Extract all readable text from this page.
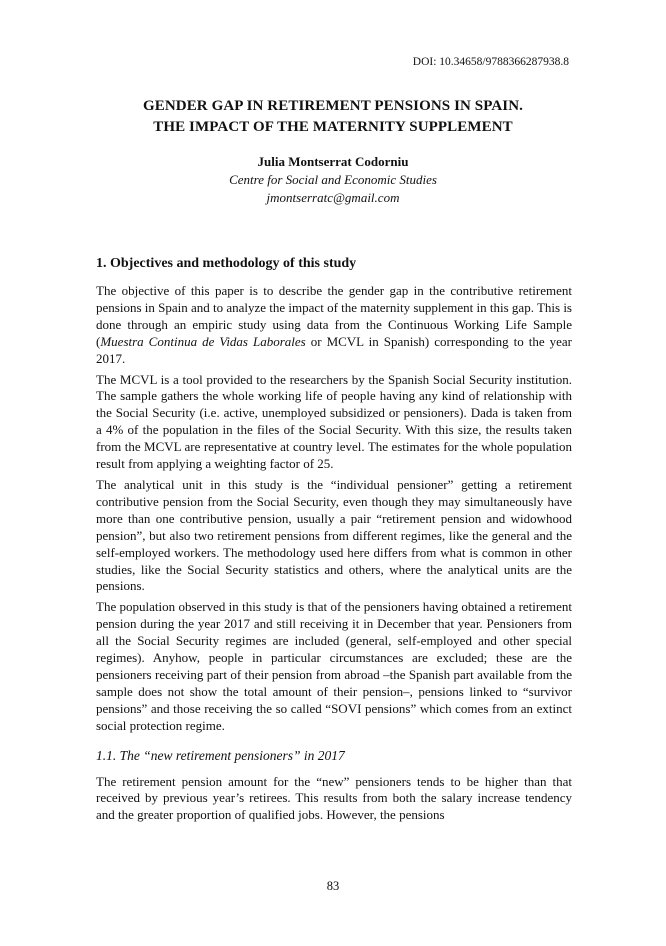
DOI: 10.34658/9788366287938.8
GENDER GAP IN RETIREMENT PENSIONS IN SPAIN.
THE IMPACT OF THE MATERNITY SUPPLEMENT
Julia Montserrat Codorniu
Centre for Social and Economic Studies
jmontserratc@gmail.com
1. Objectives and methodology of this study

The objective of this paper is to describe the gender gap in the contributive retirement pensions in Spain and to analyze the impact of the maternity supplement in this gap. This is done through an empiric study using data from the Continuous Working Life Sample (Muestra Continua de Vidas Laborales or MCVL in Spanish) corresponding to the year 2017.

The MCVL is a tool provided to the researchers by the Spanish Social Security institution. The sample gathers the whole working life of people having any kind of relationship with the Social Security (i.e. active, unemployed subsidized or pensioners). Dada is taken from a 4% of the population in the files of the Social Security. With this size, the results taken from the MCVL are representative at country level. The estimates for the whole population result from applying a weighting factor of 25.

The analytical unit in this study is the “individual pensioner” getting a retirement contributive pension from the Social Security, even though they may simultaneously have more than one contributive pension, usually a pair “retirement pension and widowhood pension”, but also two retirement pensions from different regimes, like the general and the self-employed workers. The methodology used here differs from what is common in other studies, like the Social Security statistics and others, where the analytical units are the pensions.

The population observed in this study is that of the pensioners having obtained a retirement pension during the year 2017 and still receiving it in December that year. Pensioners from all the Social Security regimes are included (general, self-employed and other special regimes). Anyhow, people in particular circumstances are excluded; these are the pensioners receiving part of their pension from abroad –the Spanish part available from the sample does not show the total amount of their pension–, pensions linked to “survivor pensions” and those receiving the so called “SOVI pensions” which comes from an extinct social protection regime.

1.1. The “new retirement pensioners” in 2017

The retirement pension amount for the “new” pensioners tends to be higher than that received by previous year’s retirees. This results from both the salary increase tendency and the greater proportion of qualified jobs. However, the pensions

83
